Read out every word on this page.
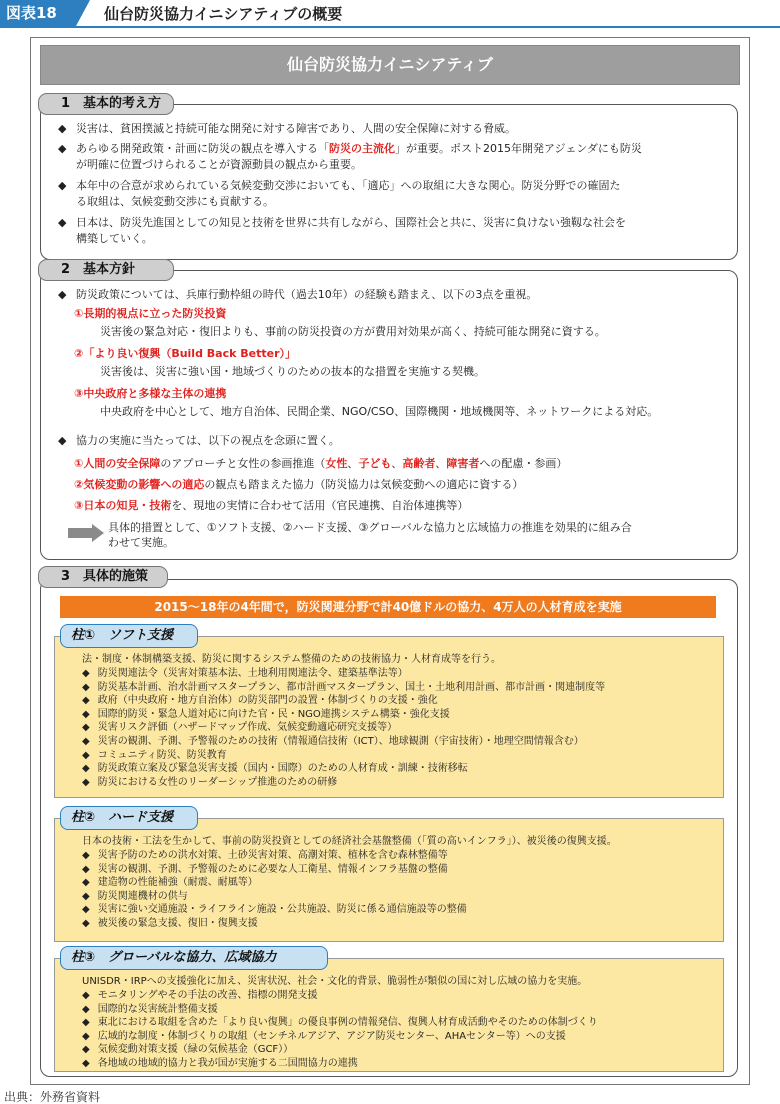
図表18	仙台防災協力イニシアティブの概要
仙台防災協力イニシアティブ
1　基本的考え方
◆ 災害は、貧困撲滅と持続可能な開発に対する障害であり、人間の安全保障に対する脅威。
◆ あらゆる開発政策・計画に防災の観点を導入する「防災の主流化」が重要。ポスト2015年開発アジェンダにも防災
が明確に位置づけられることが資源動員の観点から重要。
◆ 本年中の合意が求められている気候変動交渉においても、「適応」への取組に大きな関心。防災分野での確固た
る取組は、気候変動交渉にも貢献する。
◆ 日本は、防災先進国としての知見と技術を世界に共有しながら、国際社会と共に、災害に負けない強靱な社会を
構築していく。
2　基本方針
◆ 防災政策については、兵庫行動枠組の時代（過去10年）の経験も踏まえ、以下の3点を重視。
①長期的視点に立った防災投資
災害後の緊急対応・復旧よりも、事前の防災投資の方が費用対効果が高く、持続可能な開発に資する。
②「より良い復興（Build Back Better）」
災害後は、災害に強い国・地域づくりのための抜本的な措置を実施する契機。
③中央政府と多様な主体の連携
中央政府を中心として、地方自治体、民間企業、NGO/CSO、国際機関・地域機関等、ネットワークによる対応。
◆ 協力の実施に当たっては、以下の視点を念頭に置く。
①人間の安全保障のアプローチと女性の参画推進（女性、子ども、高齢者、障害者への配慮・参画）
②気候変動の影響への適応の観点も踏まえた協力（防災協力は気候変動への適応に資する）
③日本の知見・技術を、現地の実情に合わせて活用（官民連携、自治体連携等）
具体的措置として、①ソフト支援、②ハード支援、③グローバルな協力と広域協力の推進を効果的に組み合
わせて実施。
3　具体的施策
2015～18年の4年間で，防災関連分野で計40億ドルの協力、4万人の人材育成を実施
柱①　ソフト支援
法・制度・体制構築支援、防災に関するシステム整備のための技術協力・人材育成等を行う。
◆ 防災関連法令（災害対策基本法、土地利用関連法令、建築基準法等）
◆ 防災基本計画、治水計画マスタープラン、都市計画マスタープラン、国土・土地利用計画、都市計画・関連制度等
◆ 政府（中央政府・地方自治体）の防災部門の設置・体制づくりの支援・強化
◆ 国際的防災・緊急人道対応に向けた官・民・NGO連携システム構築・強化支援
◆ 災害リスク評価（ハザードマップ作成、気候変動適応研究支援等）
◆ 災害の観測、予測、予警報のための技術（情報通信技術（ICT）、地球観測（宇宙技術）・地理空間情報含む）
◆ コミュニティ防災、防災教育
◆ 防災政策立案及び緊急災害支援（国内・国際）のための人材育成・訓練・技術移転
◆ 防災における女性のリーダーシップ推進のための研修
柱②　ハード支援
日本の技術・工法を生かして、事前の防災投資としての経済社会基盤整備（「質の高いインフラ」）、被災後の復興支援。
◆ 災害予防のための洪水対策、土砂災害対策、高潮対策、植林を含む森林整備等
◆ 災害の観測、予測、予警報のために必要な人工衛星、情報インフラ基盤の整備
◆ 建造物の性能補強（耐震、耐風等）
◆ 防災関連機材の供与
◆ 災害に強い交通施設・ライフライン施設・公共施設、防災に係る通信施設等の整備
◆ 被災後の緊急支援、復旧・復興支援
柱③　グローバルな協力、広域協力
UNISDR・IRPへの支援強化に加え、災害状況、社会・文化的背景、脆弱性が類似の国に対し広域の協力を実施。
◆ モニタリングやその手法の改善、指標の開発支援
◆ 国際的な災害統計整備支援
◆ 東北における取組を含めた「より良い復興」の優良事例の情報発信、復興人材育成活動やそのための体制づくり
◆ 広域的な制度・体制づくりの取組（センチネルアジア、アジア防災センター、AHAセンター等）への支援
◆ 気候変動対策支援（緑の気候基金（GCF））
◆ 各地域の地域的協力と我が国が実施する二国間協力の連携
出典：外務省資料
